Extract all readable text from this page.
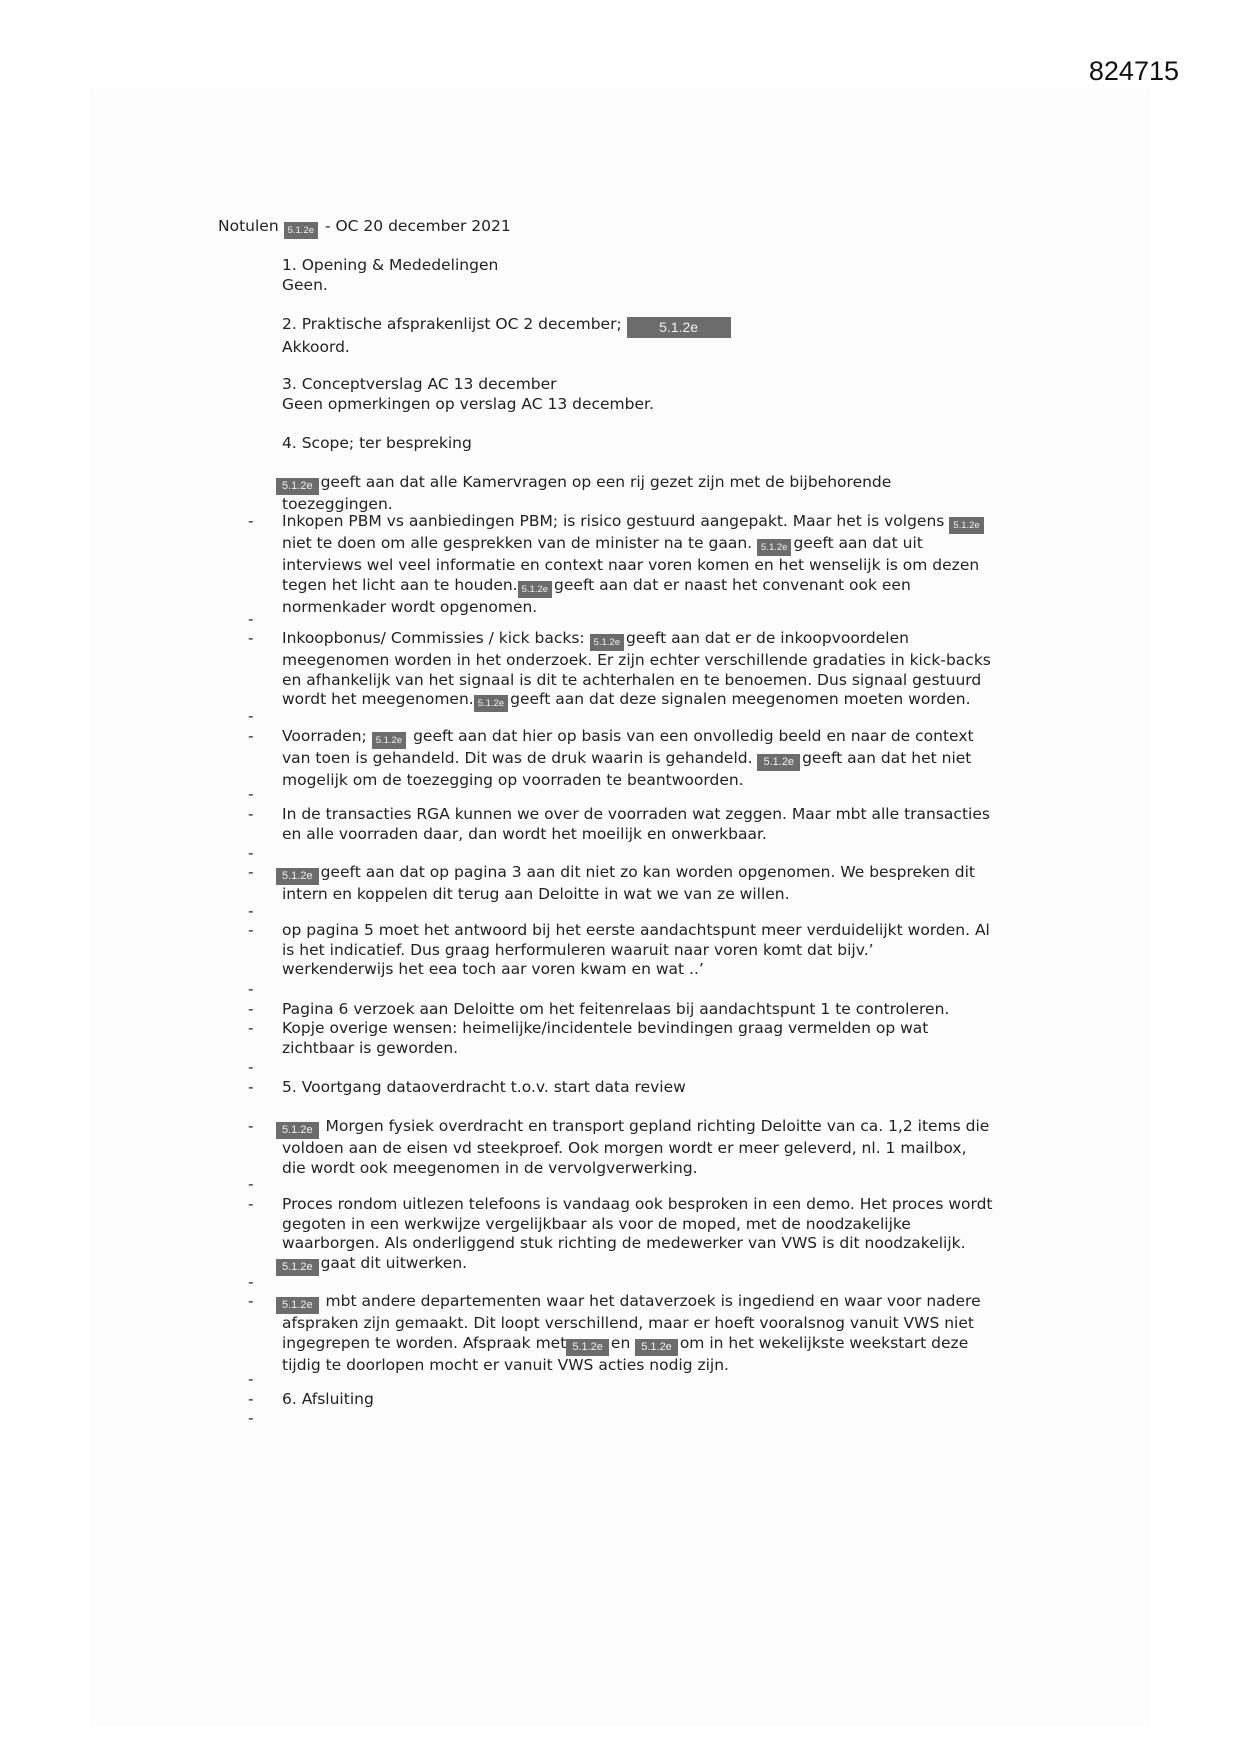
824715
Notulen 5.1.2e - OC 20 december 2021
1. Opening & Mededelingen
Geen.
2. Praktische afsprakenlijst OC 2 december;	5.1.2e
Akkoord.
3. Conceptverslag AC 13 december
Geen opmerkingen op verslag AC 13 december.
4. Scope; ter bespreking
5.1.2e geeft aan dat alle Kamervragen op een rij gezet zijn met de bijbehorende
toezeggingen.
- Inkopen PBM vs aanbiedingen PBM; is risico gestuurd aangepakt. Maar het is volgens 5.1.2e
niet te doen om alle gesprekken van de minister na te gaan. 5.1.2e geeft aan dat uit
interviews wel veel informatie en context naar voren komen en het wenselijk is om dezen
tegen het licht aan te houden. 5.1.2e geeft aan dat er naast het convenant ook een
normenkader wordt opgenomen.
-
- Inkoopbonus/ Commissies / kick backs: 5.1.2e geeft aan dat er de inkoopvoordelen
meegenomen worden in het onderzoek. Er zijn echter verschillende gradaties in kick-backs
en afhankelijk van het signaal is dit te achterhalen en te benoemen. Dus signaal gestuurd
wordt het meegenomen. 5.1.2e geeft aan dat deze signalen meegenomen moeten worden.
-
- Voorraden; 5.1.2e geeft aan dat hier op basis van een onvolledig beeld en naar de context
van toen is gehandeld. Dit was de druk waarin is gehandeld. 5.1.2e geeft aan dat het niet
mogelijk om de toezegging op voorraden te beantwoorden.
-
- In de transacties RGA kunnen we over de voorraden wat zeggen. Maar mbt alle transacties
en alle voorraden daar, dan wordt het moeilijk en onwerkbaar.
-
-	5.1.2e geeft aan dat op pagina 3 aan dit niet zo kan worden opgenomen. We bespreken dit
intern en koppelen dit terug aan Deloitte in wat we van ze willen.
-
- op pagina 5 moet het antwoord bij het eerste aandachtspunt meer verduidelijkt worden. Al
is het indicatief. Dus graag herformuleren waaruit naar voren komt dat bijv.’
werkenderwijs het eea toch aar voren kwam en wat ..’
-
- Pagina 6 verzoek aan Deloitte om het feitenrelaas bij aandachtspunt 1 te controleren.
- Kopje overige wensen: heimelijke/incidentele bevindingen graag vermelden op wat
zichtbaar is geworden.
-
- 5. Voortgang dataoverdracht t.o.v. start data review
-	5.1.2e Morgen fysiek overdracht en transport gepland richting Deloitte van ca. 1,2 items die
voldoen aan de eisen vd steekproef. Ook morgen wordt er meer geleverd, nl. 1 mailbox,
die wordt ook meegenomen in de vervolgverwerking.
-
- Proces rondom uitlezen telefoons is vandaag ook besproken in een demo. Het proces wordt
gegoten in een werkwijze vergelijkbaar als voor de moped, met de noodzakelijke
waarborgen. Als onderliggend stuk richting de medewerker van VWS is dit noodzakelijk.
5.1.2e gaat dit uitwerken.
-
-	5.1.2e mbt andere departementen waar het dataverzoek is ingediend en waar voor nadere
afspraken zijn gemaakt. Dit loopt verschillend, maar er hoeft vooralsnog vanuit VWS niet
ingegrepen te worden. Afspraak met 5.1.2e en 5.1.2e om in het wekelijkste weekstart deze
tijdig te doorlopen mocht er vanuit VWS acties nodig zijn.
-
- 6. Afsluiting
-
